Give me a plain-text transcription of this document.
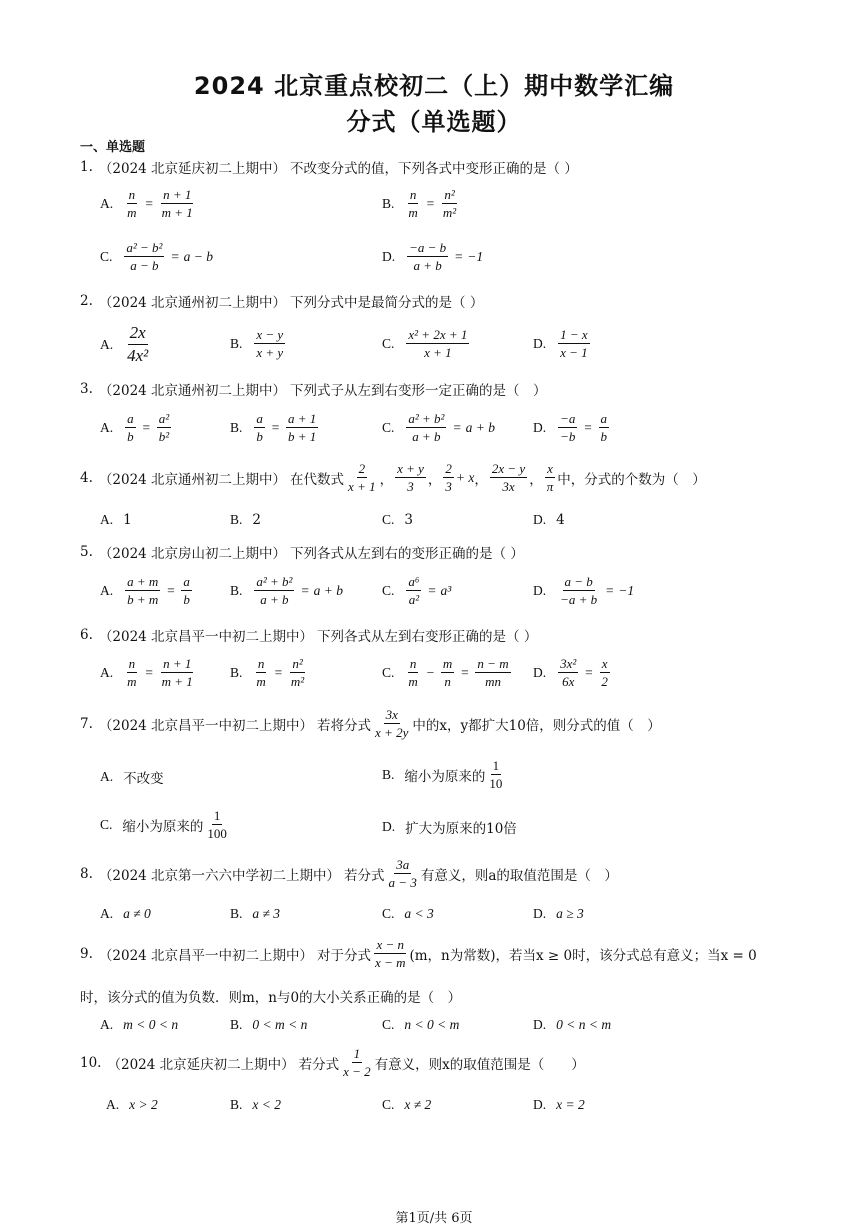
2024 北京重点校初二（上）期中数学汇编
分式（单选题）
一、单选题
1. （2024 北京延庆初二上期中） 不改变分式的值，下列各式中变形正确的是（ ）
A. $\frac{n}{m} = \frac{n + 1}{m + 1}$	B. $\frac{n}{m} = \frac{\text{n²}}{\text{m²}}$
C. $\frac{\text{a² − b²}}{a - b} = a - b$	D. $\frac{-a - b}{a + b} = -1$
2. （2024 北京通州初二上期中） 下列分式中是最简分式的是（ ）
A. $\frac{2x}{\text{4x²}}$	B. $\frac{x - y}{x + y}$	C. $\frac{\text{x² + 2x + 1}}{x + 1}$	D. $\frac{1 - x}{x - 1}$
3. （2024 北京通州初二上期中） 下列式子从左到右变形一定正确的是（　）
A. $\frac{a}{b} = \frac{\text{a²}}{\text{b²}}$	B. $\frac{a}{b} = \frac{a + 1}{b + 1}$	C. $\frac{\text{a² + b²}}{a + b} = a + b$	D. $\frac{-a}{-b} = \frac{a}{b}$
4. （2024 北京通州初二上期中） 在代数式 $\frac{2}{x + 1}$ ， $\frac{x + y}{3}$ ， $\frac{2}{3} + x$ ， $\frac{2x - y}{3x}$ ， $\frac{x}{\pi}$ 中，分式的个数为（　）
A. 1	B. 2	C. 3	D. 4
5. （2024 北京房山初二上期中） 下列各式从左到右的变形正确的是（ ）
A. $\frac{a + m}{b + m} = \frac{a}{b}$	B. $\frac{\text{a² + b²}}{a + b} = a + b$	C. $\frac{\text{a⁶}}{\text{a²}} = a^3$	D. $\frac{a - b}{-a + b} = -1$
6. （2024 北京昌平一中初二上期中） 下列各式从左到右变形正确的是（ ）
A. $\frac{n}{m} = \frac{n + 1}{m + 1}$	B. $\frac{n}{m} = \frac{\text{n²}}{\text{m²}}$	C. $\frac{n}{m} - \frac{m}{n} = \frac{n - m}{mn} D$. $\frac{\text{3x²}}{6x} = \frac{x}{2}$
7. （2024 北京昌平一中初二上期中） 若将分式 $\frac{3x}{x + 2y}$ 中的x，y都扩大10倍，则分式的值（　）
A. 不改变	B. 缩小为原来的 $\frac{1}{10}$
C. 缩小为原来的 $\frac{1}{100}$	D. 扩大为原来的10倍
8. （2024 北京第一六六中学初二上期中） 若分式 $\frac{3a}{a - 3}$ 有意义，则a的取值范围是（　）
A. a ≠ 0	B. a ≠ 3	C. a < 3	D. a ≥ 3
9. （2024 北京昌平一中初二上期中） 对于分式 $\frac{x - n}{x - m} (m$，n为常数)，若当x ≥ 0时，该分式总有意义；当x = 0
时，该分式的值为负数．则m，n与0的大小关系正确的是（　）
A. m < 0 < n	B. 0 < m < n	C. n < 0 < m	D. 0 < n < m
10. （2024 北京延庆初二上期中） 若分式 $\frac{1}{x - 2}$ 有意义，则x的取值范围是（　　）
A. x > 2	B. x < 2	C. x ≠ 2	D. x = 2
第1页/共 6页
